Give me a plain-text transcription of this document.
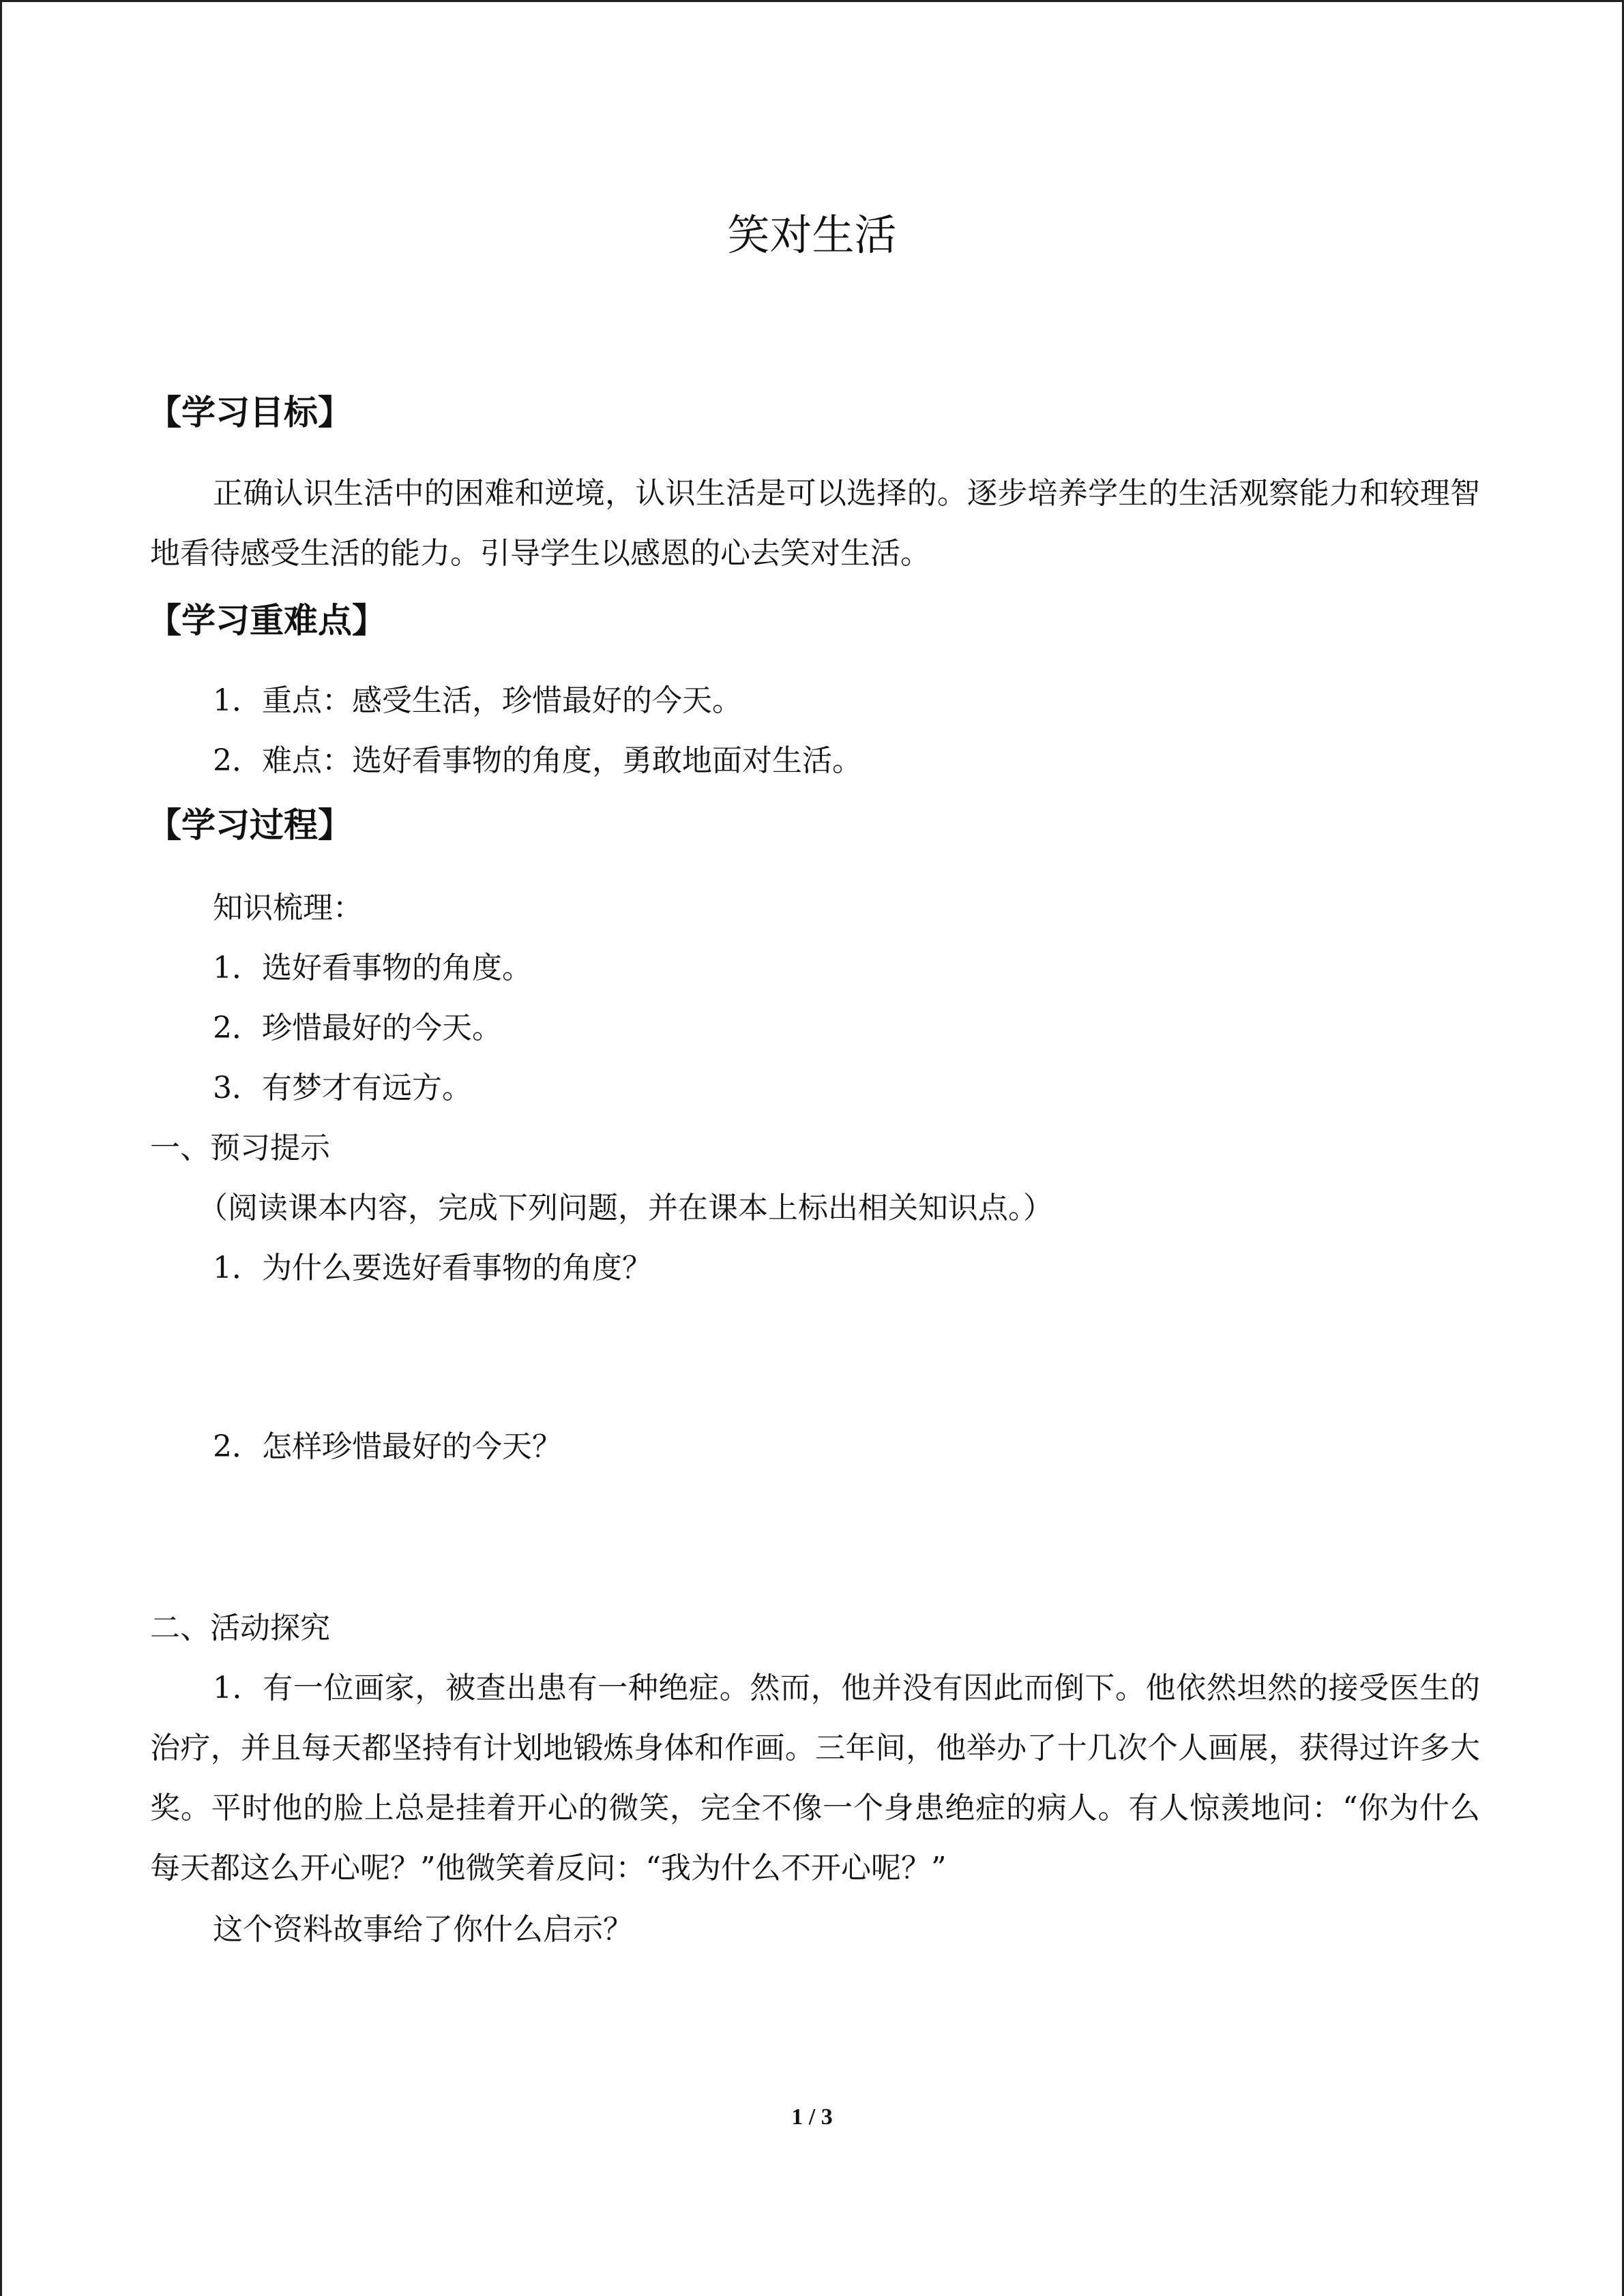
笑对生活
【学习目标】
正确认识生活中的困难和逆境，认识生活是可以选择的。逐步培养学生的生活观察能力和较理智地看待感受生活的能力。引导学生以感恩的心去笑对生活。
【学习重难点】
1．重点：感受生活，珍惜最好的今天。
2．难点：选好看事物的角度，勇敢地面对生活。
【学习过程】
知识梳理：
1．选好看事物的角度。
2．珍惜最好的今天。
3．有梦才有远方。
一、预习提示
（阅读课本内容，完成下列问题，并在课本上标出相关知识点。）
1．为什么要选好看事物的角度？
2．怎样珍惜最好的今天？
二、活动探究
1．有一位画家，被查出患有一种绝症。然而，他并没有因此而倒下。他依然坦然的接受医生的治疗，并且每天都坚持有计划地锻炼身体和作画。三年间，他举办了十几次个人画展，获得过许多大奖。平时他的脸上总是挂着开心的微笑，完全不像一个身患绝症的病人。有人惊羡地问：“你为什么每天都这么开心呢？”他微笑着反问：“我为什么不开心呢？”
这个资料故事给了你什么启示？
1 / 3
